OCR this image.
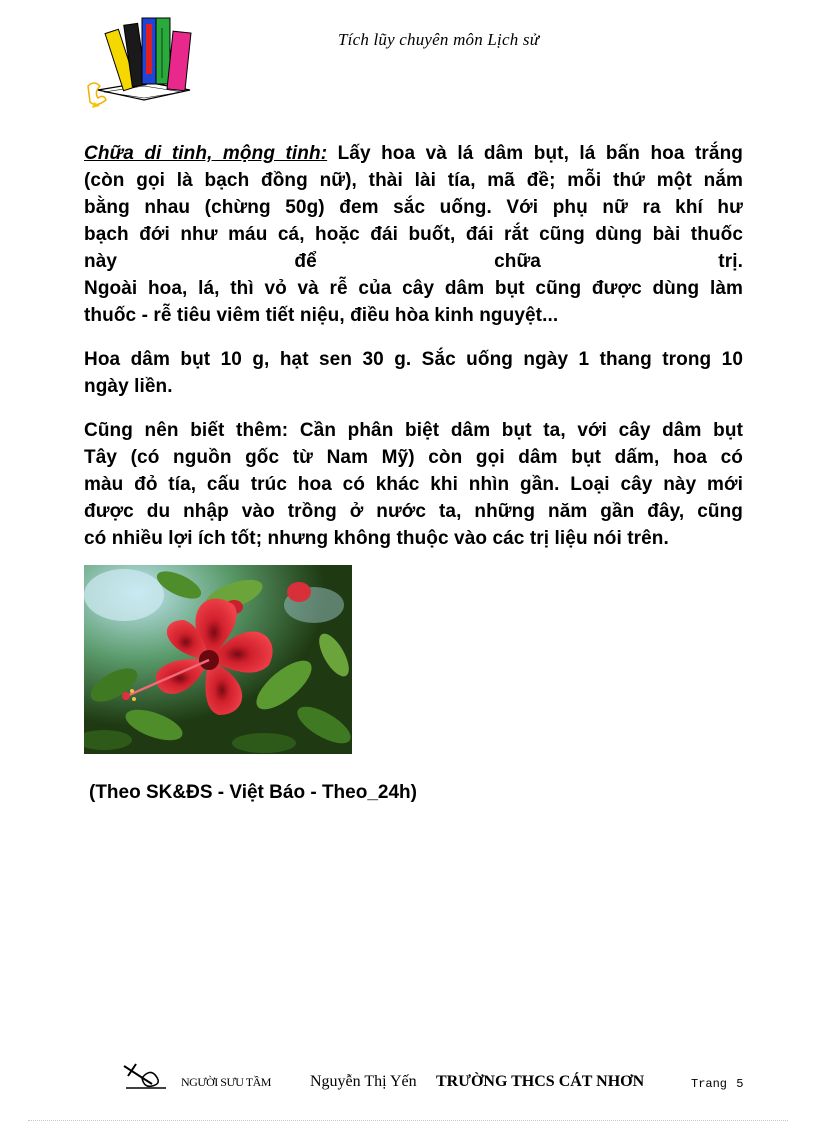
Tích lũy chuyên môn Lịch sử
Chữa di tinh, mộng tinh: Lấy hoa và lá dâm bụt, lá bấn hoa trắng
(còn gọi là bạch đồng nữ), thài lài tía, mã đề; mỗi thứ một nắm
bằng nhau (chừng 50g) đem sắc uống. Với phụ nữ ra khí hư
bạch đới như máu cá, hoặc đái buốt, đái rắt cũng dùng bài thuốc
này để chữa trị.
Ngoài hoa, lá, thì vỏ và rễ của cây dâm bụt cũng được dùng làm
thuốc - rễ tiêu viêm tiết niệu, điều hòa kinh nguyệt...
Hoa dâm bụt 10 g, hạt sen 30 g. Sắc uống ngày 1 thang trong 10
ngày liền.
Cũng nên biết thêm: Cần phân biệt dâm bụt ta, với cây dâm bụt
Tây (có nguồn gốc từ Nam Mỹ) còn gọi dâm bụt dấm, hoa có
màu đỏ tía, cấu trúc hoa có khác khi nhìn gần. Loại cây này mới
được du nhập vào trồng ở nước ta, những năm gần đây, cũng
có nhiều lợi ích tốt; nhưng không thuộc vào các trị liệu nói trên.
(Theo SK&ĐS - Việt Báo - Theo_24h)
NGƯỜI SƯU TẦM Nguyễn Thị Yến TRƯỜNG THCS CÁT NHƠN	Trang 5
